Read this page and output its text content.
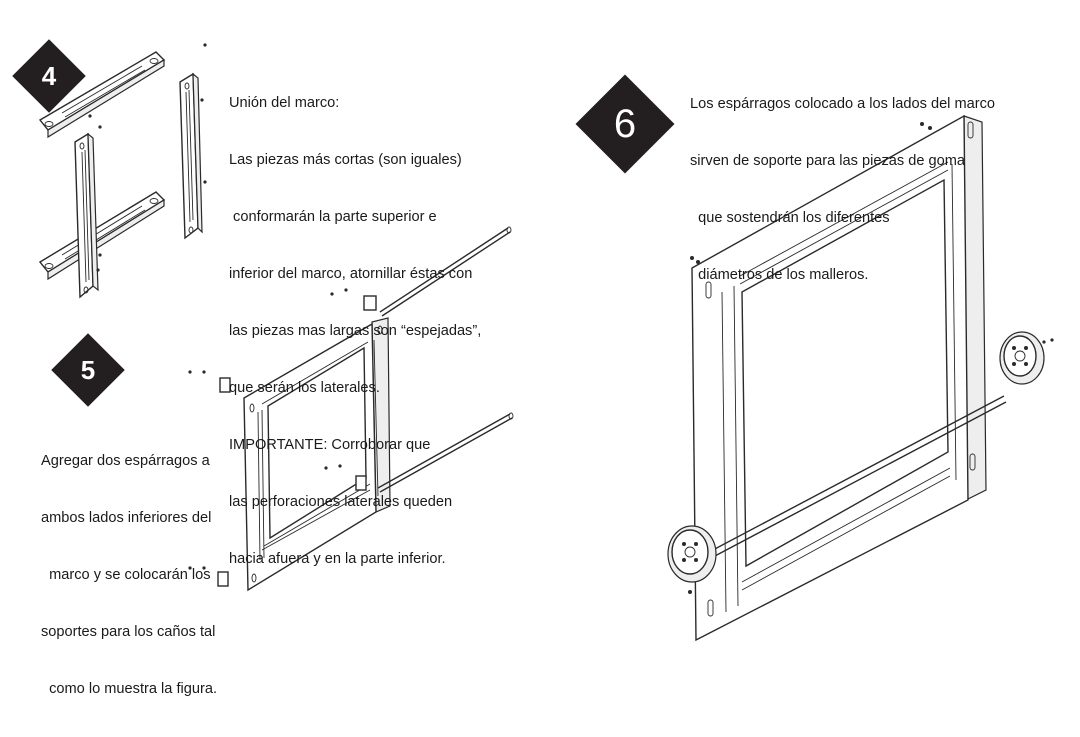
4
5
6

Unión del marco:

Las piezas más cortas (son iguales)

conformarán la parte superior e

inferior del marco, atornillar éstas con

las piezas mas largas son “espejadas”,

que serán los laterales.

IMPORTANTE: Corroborar que

las perforaciones laterales queden

hacia afuera y en la parte inferior.

Agregar dos espárragos a

ambos lados inferiores del

marco y se colocarán los

soportes para los caños tal

como lo muestra la figura.

Los espárragos colocado a los lados del marco

sirven de soporte para las piezas de goma

que sostendrán los diferentes

diámetros de los malleros.
